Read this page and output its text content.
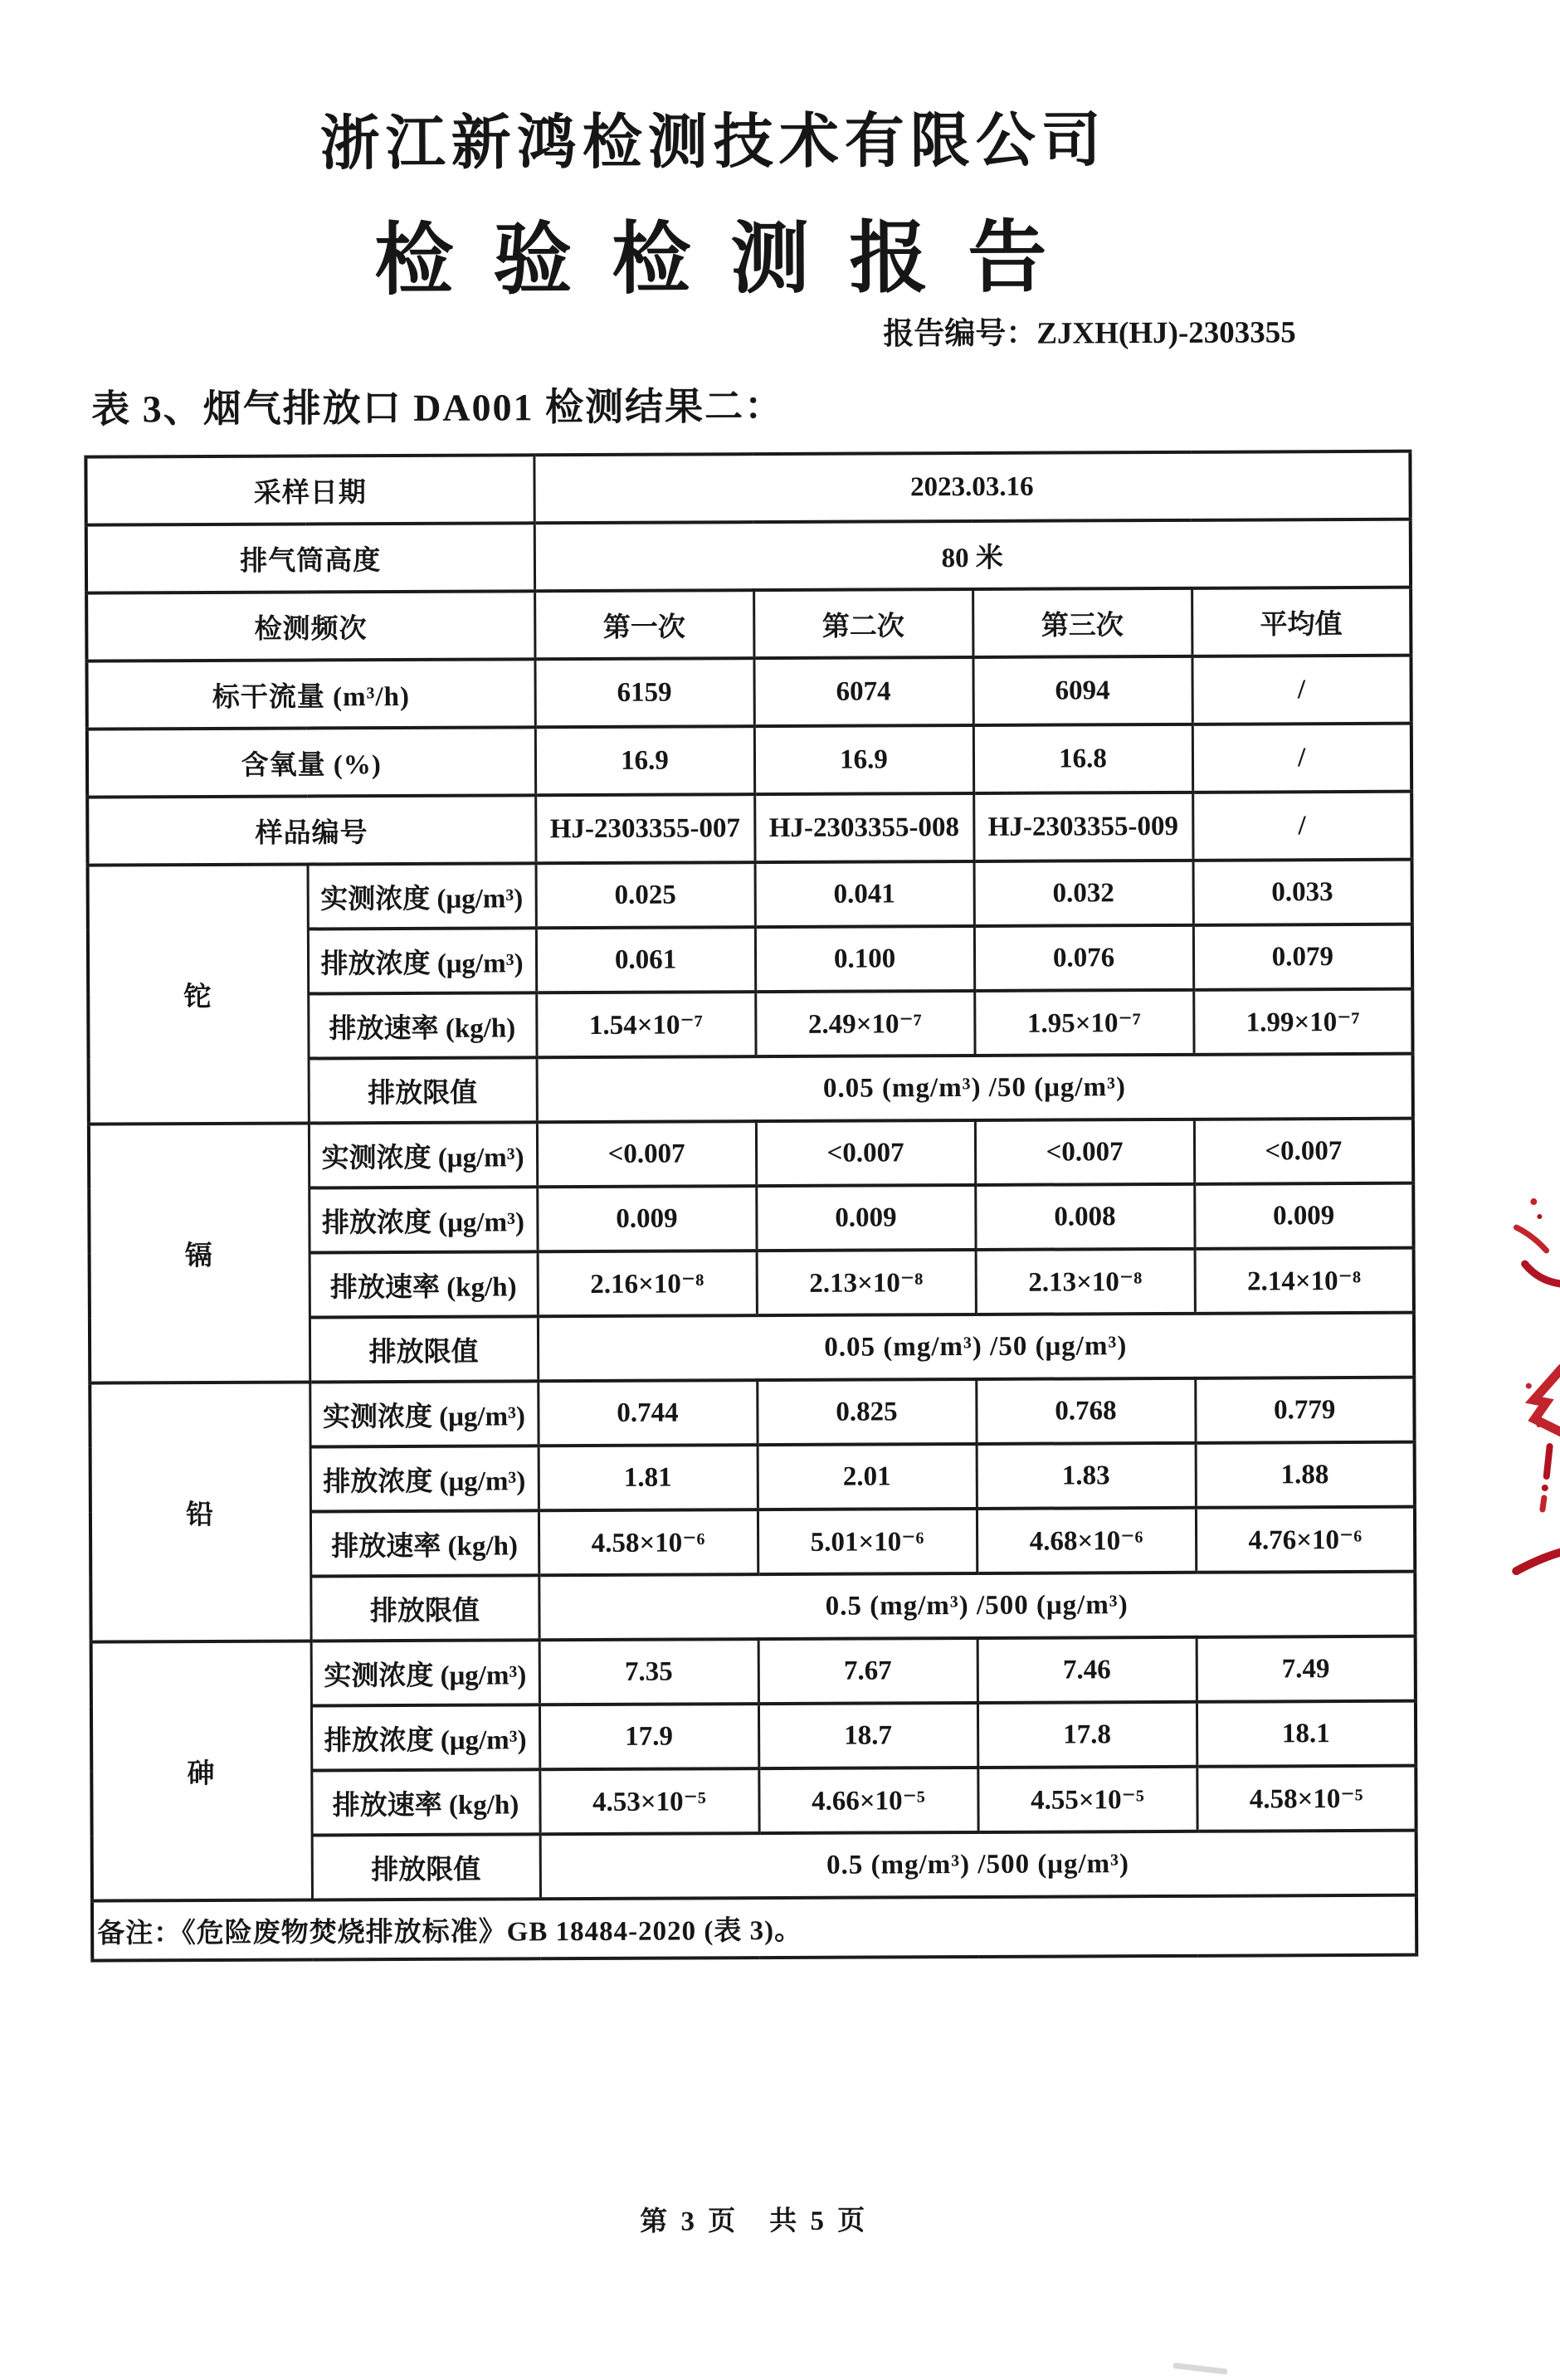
浙江新鸿检测技术有限公司
检验检测报告
报告编号：ZJXH(HJ)-2303355
表 3、烟气排放口 DA001 检测结果二：
采样日期		2023.03.16			
排气筒高度		80 米			
检测频次		第一次	第二次	第三次	平均值
标干流量 (m³/h)		6159	6074	6094	/
含氧量 (%)		16.9	16.9	16.8	/
样品编号		HJ-2303355-007	HJ-2303355-008	HJ-2303355-009	/
铊	实测浓度 (μg/m³)	0.025	0.041	0.032	0.033
	排放浓度 (μg/m³)	0.061	0.100	0.076	0.079
	排放速率 (kg/h)	1.54×10⁻⁷	2.49×10⁻⁷	1.95×10⁻⁷	1.99×10⁻⁷
	排放限值	0.05 (mg/m³) /50 (μg/m³)			
镉	实测浓度 (μg/m³)	<0.007	<0.007	<0.007	<0.007
	排放浓度 (μg/m³)	0.009	0.009	0.008	0.009
	排放速率 (kg/h)	2.16×10⁻⁸	2.13×10⁻⁸	2.13×10⁻⁸	2.14×10⁻⁸
	排放限值	0.05 (mg/m³) /50 (μg/m³)			
铅	实测浓度 (μg/m³)	0.744	0.825	0.768	0.779
	排放浓度 (μg/m³)	1.81	2.01	1.83	1.88
	排放速率 (kg/h)	4.58×10⁻⁶	5.01×10⁻⁶	4.68×10⁻⁶	4.76×10⁻⁶
	排放限值	0.5 (mg/m³) /500 (μg/m³)			
砷	实测浓度 (μg/m³)	7.35	7.67	7.46	7.49
	排放浓度 (μg/m³)	17.9	18.7	17.8	18.1
	排放速率 (kg/h)	4.53×10⁻⁵	4.66×10⁻⁵	4.55×10⁻⁵	4.58×10⁻⁵
	排放限值	0.5 (mg/m³) /500 (μg/m³)			
备注：《危险废物焚烧排放标准》GB 18484-2020 (表 3)。					
第 3 页　共 5 页
